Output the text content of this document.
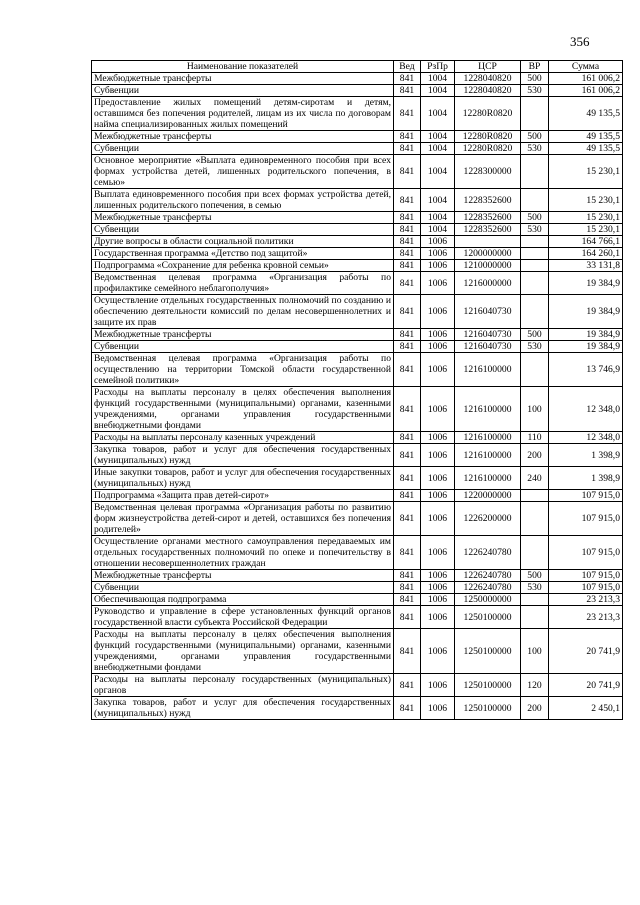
356
Наименование показателей	Вед	РзПр	ЦСР	ВР	Сумма
Межбюджетные трансферты	841	1004	1228040820	500	161 006,2
Субвенции	841	1004	1228040820	530	161 006,2
Предоставление жилых помещений детям-сиротам и детям, оставшимся без попечения родителей, лицам из их числа по договорам найма специализированных жилых помещений	841	1004	12280R0820		49 135,5
Межбюджетные трансферты	841	1004	12280R0820	500	49 135,5
Субвенции	841	1004	12280R0820	530	49 135,5
Основное мероприятие «Выплата единовременного пособия при всех формах устройства детей, лишенных родительского попечения, в семью»	841	1004	1228300000		15 230,1
Выплата единовременного пособия при всех формах устройства детей, лишенных родительского попечения, в семью	841	1004	1228352600		15 230,1
Межбюджетные трансферты	841	1004	1228352600	500	15 230,1
Субвенции	841	1004	1228352600	530	15 230,1
Другие вопросы в области социальной политики	841	1006			164 766,1
Государственная программа «Детство под защитой»	841	1006	1200000000		164 260,1
Подпрограмма «Сохранение для ребенка кровной семьи»	841	1006	1210000000		33 131,8
Ведомственная целевая программа «Организация работы по профилактике семейного неблагополучия»	841	1006	1216000000		19 384,9
Осуществление отдельных государственных полномочий по созданию и обеспечению деятельности комиссий по делам несовершеннолетних и защите их прав	841	1006	1216040730		19 384,9
Межбюджетные трансферты	841	1006	1216040730	500	19 384,9
Субвенции	841	1006	1216040730	530	19 384,9
Ведомственная целевая программа «Организация работы по осуществлению на территории Томской области государственной семейной политики»	841	1006	1216100000		13 746,9
Расходы на выплаты персоналу в целях обеспечения выполнения функций государственными (муниципальными) органами, казенными учреждениями, органами управления государственными внебюджетными фондами	841	1006	1216100000	100	12 348,0
Расходы на выплаты персоналу казенных учреждений	841	1006	1216100000	110	12 348,0
Закупка товаров, работ и услуг для обеспечения государственных (муниципальных) нужд	841	1006	1216100000	200	1 398,9
Иные закупки товаров, работ и услуг для обеспечения государственных (муниципальных) нужд	841	1006	1216100000	240	1 398,9
Подпрограмма «Защита прав детей-сирот»	841	1006	1220000000		107 915,0
Ведомственная целевая программа «Организация работы по развитию форм жизнеустройства детей-сирот и детей, оставшихся без попечения родителей»	841	1006	1226200000		107 915,0
Осуществление органами местного самоуправления передаваемых им отдельных государственных полномочий по опеке и попечительству в отношении несовершеннолетних граждан	841	1006	1226240780		107 915,0
Межбюджетные трансферты	841	1006	1226240780	500	107 915,0
Субвенции	841	1006	1226240780	530	107 915,0
Обеспечивающая подпрограмма	841	1006	1250000000		23 213,3
Руководство и управление в сфере установленных функций органов государственной власти субъекта Российской Федерации	841	1006	1250100000		23 213,3
Расходы на выплаты персоналу в целях обеспечения выполнения функций государственными (муниципальными) органами, казенными учреждениями, органами управления государственными внебюджетными фондами	841	1006	1250100000	100	20 741,9
Расходы на выплаты персоналу государственных (муниципальных) органов	841	1006	1250100000	120	20 741,9
Закупка товаров, работ и услуг для обеспечения государственных (муниципальных) нужд	841	1006	1250100000	200	2 450,1
